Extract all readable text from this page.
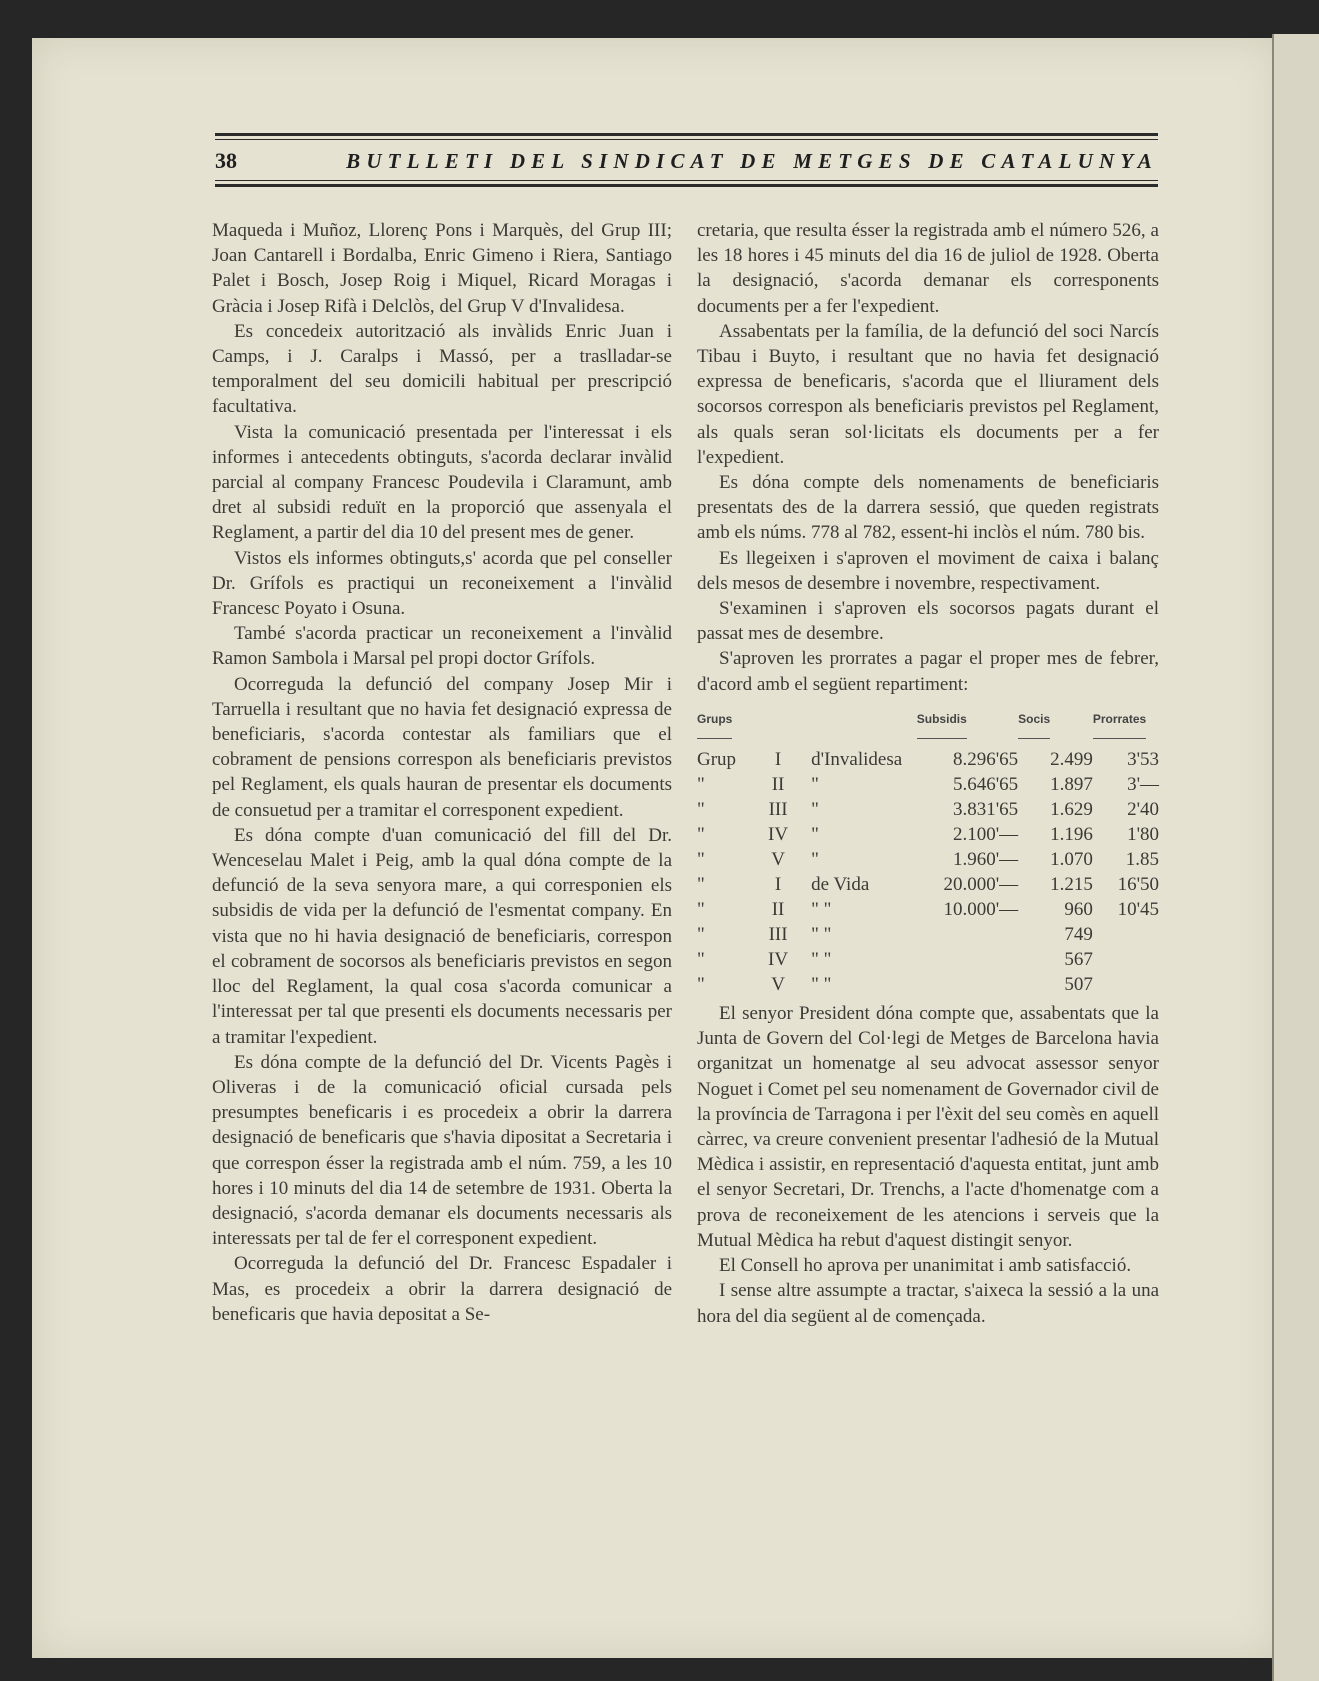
38	BUTLLETI DEL SINDICAT DE METGES DE CATALUNYA

Maqueda i Muñoz, Llorenç Pons i Marquès, del Grup III; Joan Cantarell i Bordalba, Enric Gimeno i Riera, Santiago Palet i Bosch, Josep Roig i Miquel, Ricard Moragas i Gràcia i Josep Rifà i Delclòs, del Grup V d'Invalidesa.

Es concedeix autorització als invàlids Enric Juan i Camps, i J. Caralps i Massó, per a traslladar-se temporalment del seu domicili habitual per prescripció facultativa.

Vista la comunicació presentada per l'interessat i els informes i antecedents obtinguts, s'acorda declarar invàlid parcial al company Francesc Poudevila i Claramunt, amb dret al subsidi reduït en la proporció que assenyala el Reglament, a partir del dia 10 del present mes de gener.

Vistos els informes obtinguts,s' acorda que pel conseller Dr. Grífols es practiqui un reconeixement a l'invàlid Francesc Poyato i Osuna.

També s'acorda practicar un reconeixement a l'invàlid Ramon Sambola i Marsal pel propi doctor Grífols.

Ocorreguda la defunció del company Josep Mir i Tarruella i resultant que no havia fet designació expressa de beneficiaris, s'acorda contestar als familiars que el cobrament de pensions correspon als beneficiaris previstos pel Reglament, els quals hauran de presentar els documents de consuetud per a tramitar el corresponent expedient.

Es dóna compte d'uan comunicació del fill del Dr. Wenceselau Malet i Peig, amb la qual dóna compte de la defunció de la seva senyora mare, a qui corresponien els subsidis de vida per la defunció de l'esmentat company. En vista que no hi havia designació de beneficiaris, correspon el cobrament de socorsos als beneficiaris previstos en segon lloc del Reglament, la qual cosa s'acorda comunicar a l'interessat per tal que presenti els documents necessaris per a tramitar l'expedient.

Es dóna compte de la defunció del Dr. Vicents Pagès i Oliveras i de la comunicació oficial cursada pels presumptes beneficaris i es procedeix a obrir la darrera designació de beneficaris que s'havia dipositat a Secretaria i que correspon ésser la registrada amb el núm. 759, a les 10 hores i 10 minuts del dia 14 de setembre de 1931. Oberta la designació, s'acorda demanar els documents necessaris als interessats per tal de fer el corresponent expedient.

Ocorreguda la defunció del Dr. Francesc Espadaler i Mas, es procedeix a obrir la darrera designació de beneficaris que havia depositat a Se-

cretaria, que resulta ésser la registrada amb el número 526, a les 18 hores i 45 minuts del dia 16 de juliol de 1928. Oberta la designació, s'acorda demanar els corresponents documents per a fer l'expedient.

Assabentats per la família, de la defunció del soci Narcís Tibau i Buyto, i resultant que no havia fet designació expressa de beneficaris, s'acorda que el lliurament dels socorsos correspon als beneficiaris previstos pel Reglament, als quals seran sol·licitats els documents per a fer l'expedient.

Es dóna compte dels nomenaments de beneficiaris presentats des de la darrera sessió, que queden registrats amb els núms. 778 al 782, essent-hi inclòs el núm. 780 bis.

Es llegeixen i s'aproven el moviment de caixa i balanç dels mesos de desembre i novembre, respectivament.

S'examinen i s'aproven els socorsos pagats durant el passat mes de desembre.

S'aproven les prorrates a pagar el proper mes de febrer, d'acord amb el següent repartiment:

Grups			Subsidis	Socis	Prorrates
Grup	I	d'Invalidesa	8.296'65	2.499	3'53
"	II	"	5.646'65	1.897	3'—
"	III	"	3.831'65	1.629	2'40
"	IV	"	2.100'—	1.196	1'80
"	V	"	1.960'—	1.070	1.85
"	I	de Vida	20.000'—	1.215	16'50
"	II	" "	10.000'—	960	10'45
"	III	" "		749	
"	IV	" "		567	
"	V	" "		507	

El senyor President dóna compte que, assabentats que la Junta de Govern del Col·legi de Metges de Barcelona havia organitzat un homenatge al seu advocat assessor senyor Noguet i Comet pel seu nomenament de Governador civil de la província de Tarragona i per l'èxit del seu comès en aquell càrrec, va creure convenient presentar l'adhesió de la Mutual Mèdica i assistir, en representació d'aquesta entitat, junt amb el senyor Secretari, Dr. Trenchs, a l'acte d'homenatge com a prova de reconeixement de les atencions i serveis que la Mutual Mèdica ha rebut d'aquest distingit senyor.

El Consell ho aprova per unanimitat i amb satisfacció.

I sense altre assumpte a tractar, s'aixeca la sessió a la una hora del dia següent al de començada.
